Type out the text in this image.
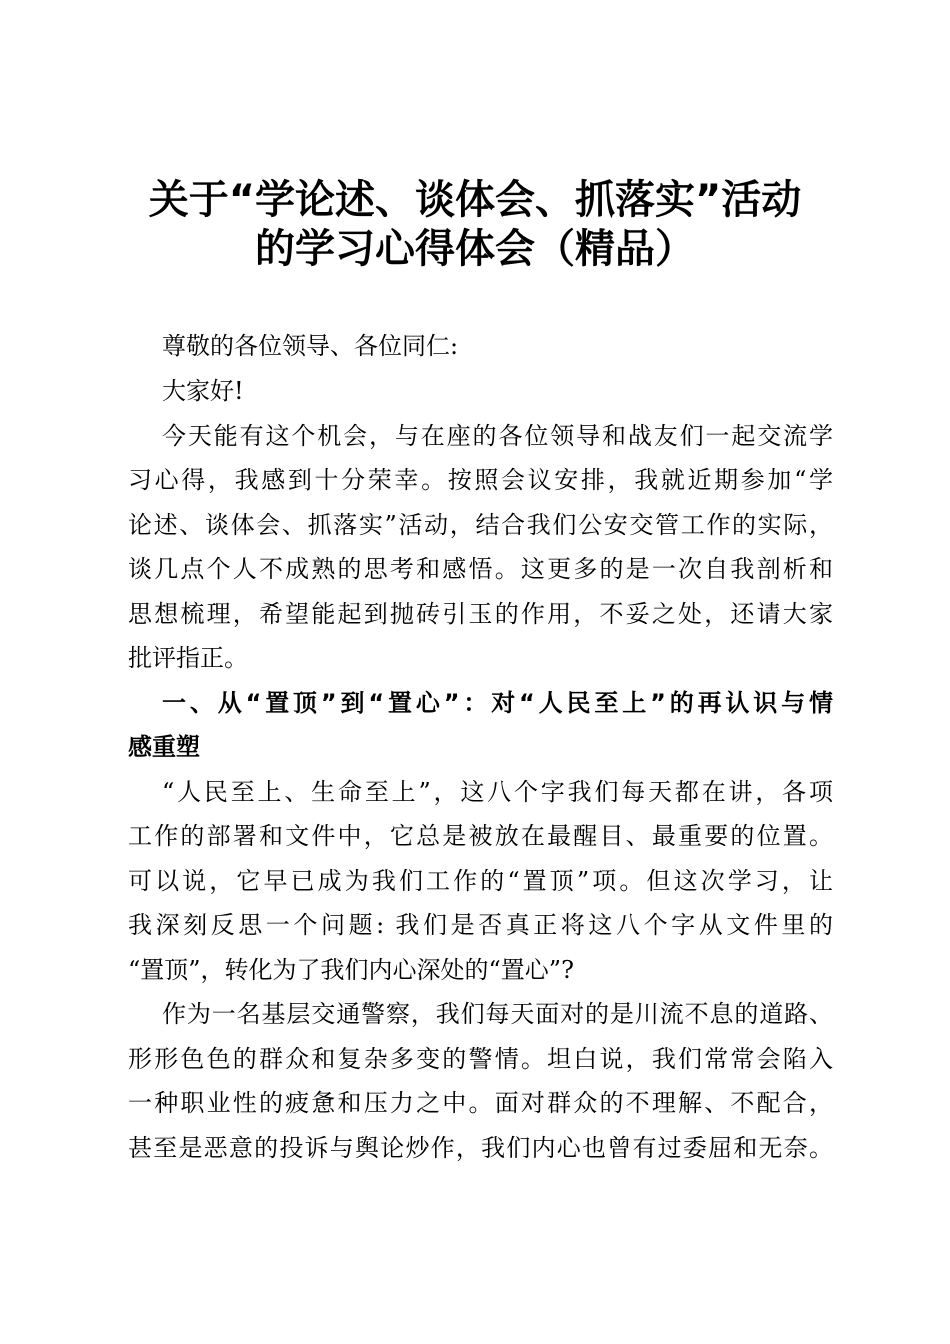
关于“学论述、谈体会、抓落实”活动
的学习心得体会（精品）
尊敬的各位领导、各位同仁:
大家好!
今天能有这个机会，与在座的各位领导和战友们一起交流学
习心得，我感到十分荣幸。按照会议安排，我就近期参加“学
论述、谈体会、抓落实”活动，结合我们公安交管工作的实际，
谈几点个人不成熟的思考和感悟。这更多的是一次自我剖析和
思想梳理，希望能起到抛砖引玉的作用，不妥之处，还请大家
批评指正。
一、从“置顶”到“置心”：对“人民至上”的再认识与情
感重塑
“人民至上、生命至上”，这八个字我们每天都在讲，各项
工作的部署和文件中，它总是被放在最醒目、最重要的位置。
可以说，它早已成为我们工作的“置顶”项。但这次学习，让
我深刻反思一个问题: 我们是否真正将这八个字从文件里的
“置顶”，转化为了我们内心深处的“置心”?
作为一名基层交通警察，我们每天面对的是川流不息的道路、
形形色色的群众和复杂多变的警情。坦白说，我们常常会陷入
一种职业性的疲惫和压力之中。面对群众的不理解、不配合，
甚至是恶意的投诉与舆论炒作，我们内心也曾有过委屈和无奈。
